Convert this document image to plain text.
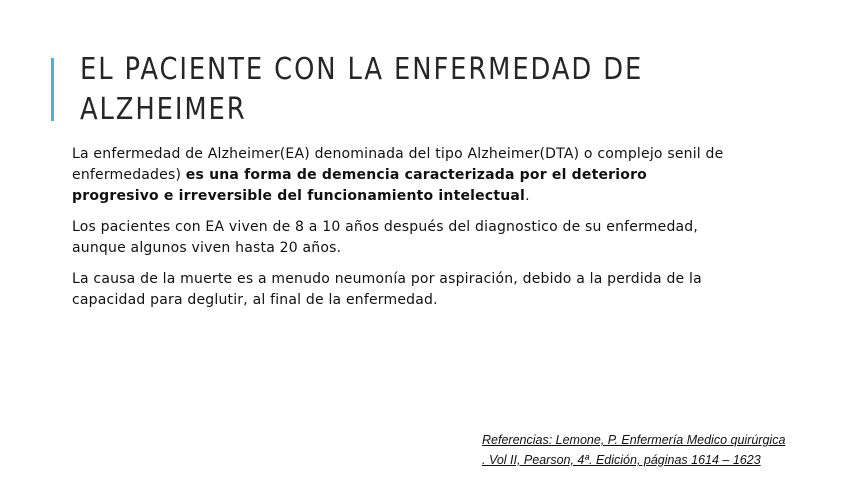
EL PACIENTE CON LA ENFERMEDAD DE ALZHEIMER

La enfermedad de Alzheimer(EA) denominada del tipo Alzheimer(DTA) o complejo senil de enfermedades) es una forma de demencia caracterizada por el deterioro progresivo e irreversible del funcionamiento intelectual.

Los pacientes con EA viven de 8 a 10 años después del diagnostico de su enfermedad, aunque algunos viven hasta 20 años.

La causa de la muerte es a menudo neumonía por aspiración, debido a la perdida de la capacidad para deglutir, al final de la enfermedad.

Referencias: Lemone, P. Enfermería Medico quirúrgica
. Vol II, Pearson, 4ª. Edición, páginas 1614 – 1623
